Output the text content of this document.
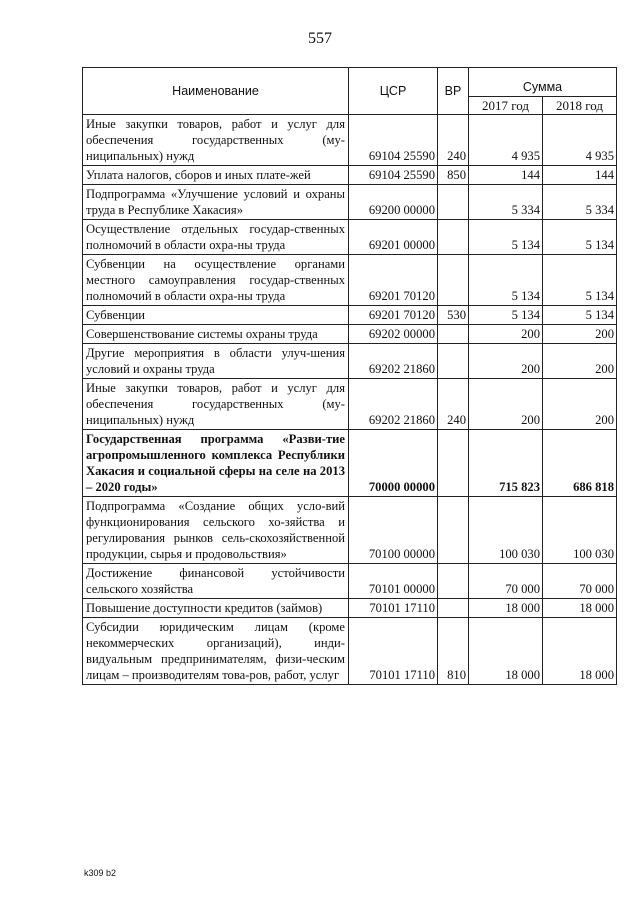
557
Наименование	ЦСР	ВР	Сумма	
			2017 год	2018 год
Иные закупки товаров, работ и услуг для обеспечения государственных (му-ниципальных) нужд	69104 25590	240	4 935	4 935
Уплата налогов, сборов и иных плате-жей	69104 25590	850	144	144
Подпрограмма «Улучшение условий и охраны труда в Республике Хакасия»	69200 00000		5 334	5 334
Осуществление отдельных государ-ственных полномочий в области охра-ны труда	69201 00000		5 134	5 134
Субвенции на осуществление органами местного самоуправления государ-ственных полномочий в области охра-ны труда	69201 70120		5 134	5 134
Субвенции	69201 70120	530	5 134	5 134
Совершенствование системы охраны труда	69202 00000		200	200
Другие мероприятия в области улуч-шения условий и охраны труда	69202 21860		200	200
Иные закупки товаров, работ и услуг для обеспечения государственных (му-ниципальных) нужд	69202 21860	240	200	200
Государственная программа «Разви-тие агропромышленного комплекса Республики Хакасия и социальной сферы на селе на 2013 – 2020 годы»	70000 00000		715 823	686 818
Подпрограмма «Создание общих усло-вий функционирования сельского хо-зяйства и регулирования рынков сель-скохозяйственной продукции, сырья и продовольствия»	70100 00000		100 030	100 030
Достижение финансовой устойчивости сельского хозяйства	70101 00000		70 000	70 000
Повышение доступности кредитов (займов)	70101 17110		18 000	18 000
Субсидии юридическим лицам (кроме некоммерческих организаций), инди-видуальным предпринимателям, физи-ческим лицам – производителям това-ров, работ, услуг	70101 17110	810	18 000	18 000
k309 b2
